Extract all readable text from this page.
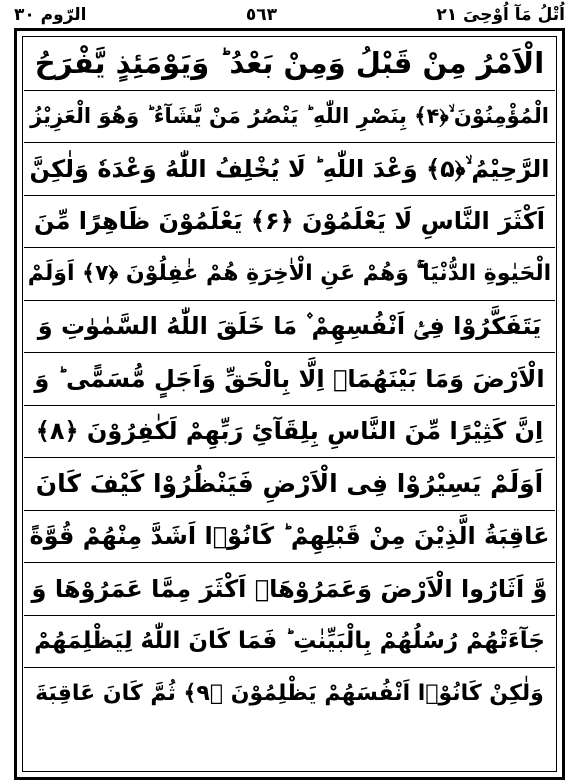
الرّوم ٣٠	٥٦٣	اُتْلُ مَآ اُوْحِیَ ٢١
الْاَمْرُ مِنْ قَبْلُ وَمِنْ بَعْدُ ؕ وَیَوْمَئِذٍ یَّفْرَحُ
الْمُؤْمِنُوْنَ ۙ﴿۴﴾ بِنَصْرِ اللّٰهِ ؕ یَنْصُرُ مَنْ یَّشَآءُ ؕ وَهُوَ الْعَزِیْزُ
الرَّحِیْمُ ۙ﴿۵﴾ وَعْدَ اللّٰهِ ؕ لَا یُخْلِفُ اللّٰهُ وَعْدَهٗ وَلٰكِنَّ
اَكْثَرَ النَّاسِ لَا یَعْلَمُوْنَ ﴿۶﴾ یَعْلَمُوْنَ ظَاهِرًا مِّنَ
الْحَیٰوةِ الدُّنْیَا ۚۖ وَهُمْ عَنِ الْاٰخِرَةِ هُمْ غٰفِلُوْنَ ﴿۷﴾ اَوَلَمْ
یَتَفَكَّرُوْا فِیْۤ اَنْفُسِهِمْ ۫ مَا خَلَقَ اللّٰهُ السَّمٰوٰتِ وَ
الْاَرْضَ وَمَا بَیْنَهُمَاۤ اِلَّا بِالْحَقِّ وَاَجَلٍ مُّسَمًّی ؕ وَ
اِنَّ كَثِیْرًا مِّنَ النَّاسِ بِلِقَآئِ رَبِّهِمْ لَكٰفِرُوْنَ ﴿۸﴾
اَوَلَمْ یَسِیْرُوْا فِی الْاَرْضِ فَیَنْظُرُوْا كَیْفَ كَانَ
عَاقِبَةُ الَّذِیْنَ مِنْ قَبْلِهِمْ ؕ كَانُوْۤا اَشَدَّ مِنْهُمْ قُوَّةً
وَّ اَثَارُوا الْاَرْضَ وَعَمَرُوْهَاۤ اَكْثَرَ مِمَّا عَمَرُوْهَا وَ
جَآءَتْهُمْ رُسُلُهُمْ بِالْبَیِّنٰتِ ؕ فَمَا كَانَ اللّٰهُ لِیَظْلِمَهُمْ
وَلٰكِنْ كَانُوْۤا اَنْفُسَهُمْ یَظْلِمُوْنَ ﴿۹﴾ ثُمَّ كَانَ عَاقِبَةَ
